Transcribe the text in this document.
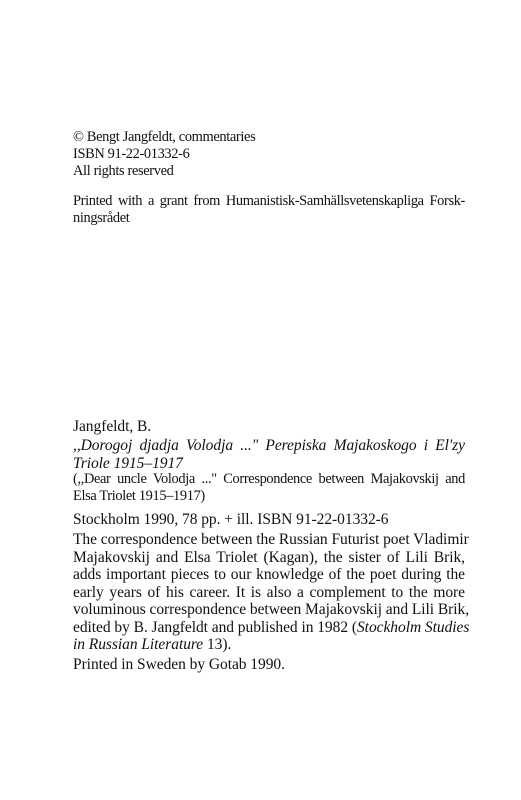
© Bengt Jangfeldt, commentaries
ISBN 91-22-01332-6
All rights reserved
Printed with a grant from Humanistisk-Samhällsvetenskapliga Forsk-
ningsrådet
Jangfeldt, B.
,,Dorogoj djadja Volodja ..." Perepiska Majakoskogo i El'zy
Triole 1915–1917
(,,Dear uncle Volodja ..." Correspondence between Majakovskij and
Elsa Triolet 1915–1917)
Stockholm 1990, 78 pp. + ill. ISBN 91-22-01332-6
The correspondence between the Russian Futurist poet Vladimir
Majakovskij and Elsa Triolet (Kagan), the sister of Lili Brik,
adds important pieces to our knowledge of the poet during the
early years of his career. It is also a complement to the more
voluminous correspondence between Majakovskij and Lili Brik,
edited by B. Jangfeldt and published in 1982 (Stockholm Studies
in Russian Literature 13).
Printed in Sweden by Gotab 1990.
